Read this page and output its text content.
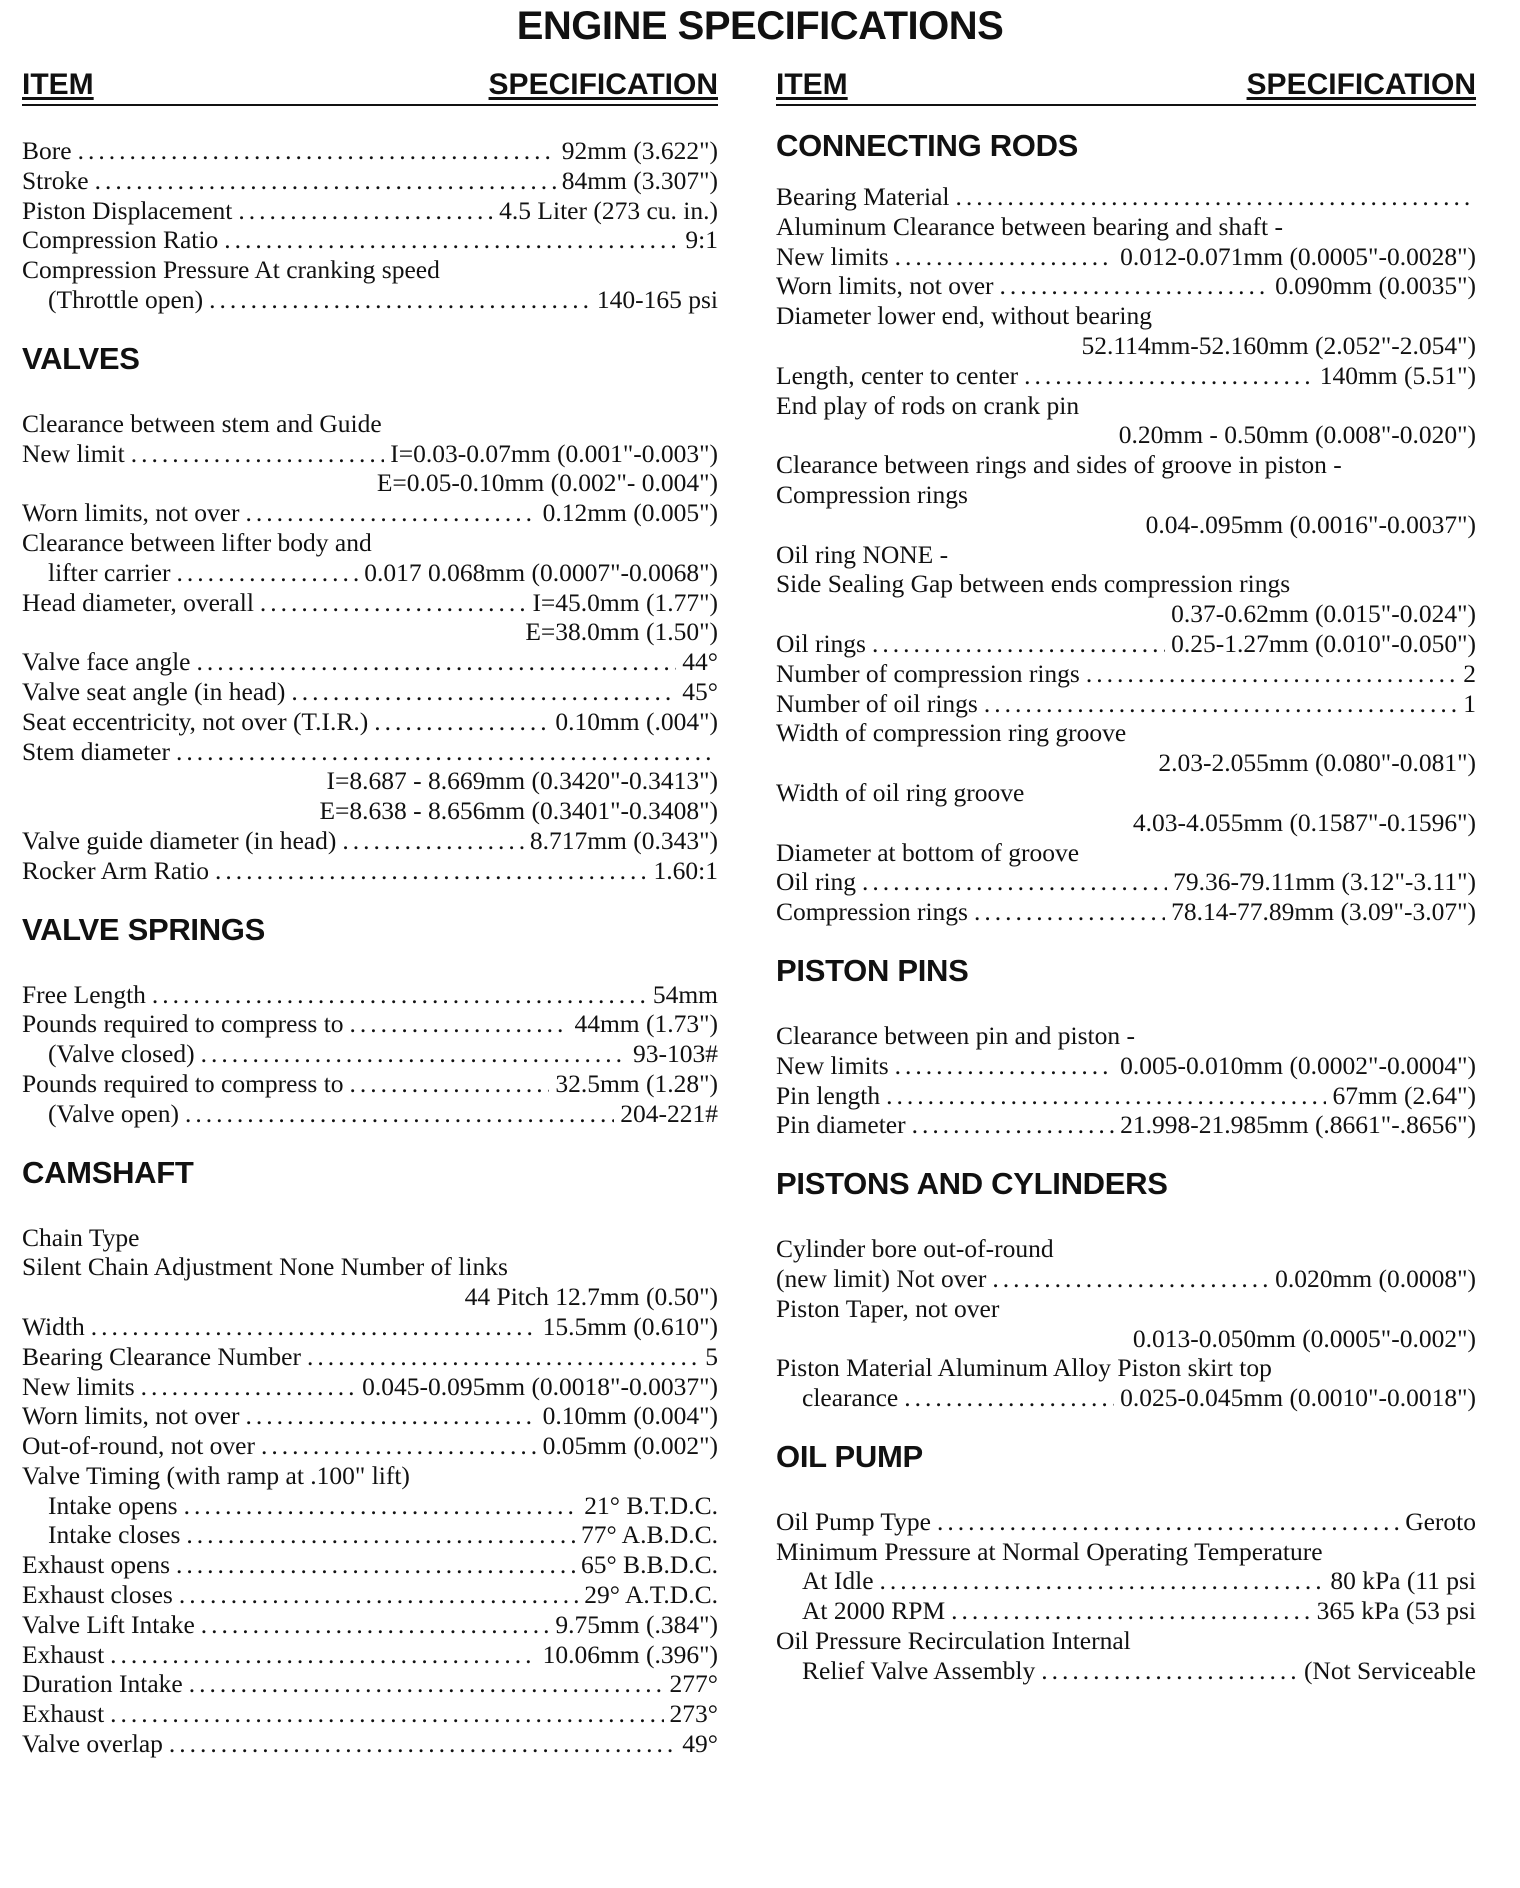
ENGINE SPECIFICATIONS
ITEM	SPECIFICATION
Bore .....	92mm (3.622")
Stroke .....	84mm (3.307")
Piston Displacement .....	4.5 Liter (273 cu. in.)
Compression Ratio .....	9:1
Compression Pressure At cranking speed
(Throttle open) .....	140-165 psi
VALVES
Clearance between stem and Guide
New limit .....	I=0.03-0.07mm (0.001"-0.003")
E=0.05-0.10mm (0.002"- 0.004")
Worn limits, not over .....	0.12mm (0.005")
Clearance between lifter body and
lifter carrier .....	0.017 0.068mm (0.0007"-0.0068")
Head diameter, overall .....	I=45.0mm (1.77")
E=38.0mm (1.50")
Valve face angle .....	44°
Valve seat angle (in head) .....	45°
Seat eccentricity, not over (T.I.R.) .....	0.10mm (.004")
Stem diameter
.....
I=8.687 - 8.669mm (0.3420"-0.3413")
E=8.638 - 8.656mm (0.3401"-0.3408")
Valve guide diameter (in head) .....	8.717mm (0.343")
Rocker Arm Ratio .....	1.60:1
VALVE SPRINGS
Free Length .....	54mm
Pounds required to compress to .....	44mm (1.73")
(Valve closed) .....	93-103#
Pounds required to compress to .....	32.5mm (1.28")
(Valve open) .....	204-221#
CAMSHAFT
Chain Type
Silent Chain Adjustment None Number of links
44 Pitch 12.7mm (0.50")
Width .....	15.5mm (0.610")
Bearing Clearance Number .....	5
New limits .....	0.045-0.095mm (0.0018"-0.0037")
Worn limits, not over .....	0.10mm (0.004")
Out-of-round, not over .....	0.05mm (0.002")
Valve Timing (with ramp at .100" lift)
Intake opens .....	21° B.T.D.C.
Intake closes .....	77° A.B.D.C.
Exhaust opens .....	65° B.B.D.C.
Exhaust closes .....	29° A.T.D.C.
Valve Lift Intake .....	9.75mm (.384")
Exhaust .....	10.06mm (.396")
Duration Intake .....	277°
Exhaust .....	273°
Valve overlap .....	49°
ITEM	SPECIFICATION
CONNECTING RODS
Bearing Material
.....
Aluminum Clearance between bearing and shaft -
New limits .....	0.012-0.071mm (0.0005"-0.0028")
Worn limits, not over .....	0.090mm (0.0035")
Diameter lower end, without bearing
52.114mm-52.160mm (2.052"-2.054")
Length, center to center .....	140mm (5.51")
End play of rods on crank pin
0.20mm - 0.50mm (0.008"-0.020")
Clearance between rings and sides of groove in piston -
Compression rings
0.04-.095mm (0.0016"-0.0037")
Oil ring NONE -
Side Sealing Gap between ends compression rings
0.37-0.62mm (0.015"-0.024")
Oil rings .....	0.25-1.27mm (0.010"-0.050")
Number of compression rings .....	2
Number of oil rings .....	1
Width of compression ring groove
2.03-2.055mm (0.080"-0.081")
Width of oil ring groove
4.03-4.055mm (0.1587"-0.1596")
Diameter at bottom of groove
Oil ring .....	79.36-79.11mm (3.12"-3.11")
Compression rings .....	78.14-77.89mm (3.09"-3.07")
PISTON PINS
Clearance between pin and piston -
New limits .....	0.005-0.010mm (0.0002"-0.0004")
Pin length .....	67mm (2.64")
Pin diameter .....	21.998-21.985mm (.8661"-.8656")
PISTONS AND CYLINDERS
Cylinder bore out-of-round
(new limit) Not over .....	0.020mm (0.0008")
Piston Taper, not over
0.013-0.050mm (0.0005"-0.002")
Piston Material Aluminum Alloy Piston skirt top
clearance .....	0.025-0.045mm (0.0010"-0.0018")
OIL PUMP
Oil Pump Type .....	Geroto
Minimum Pressure at Normal Operating Temperature
At Idle .....	80 kPa (11 psi
At 2000 RPM .....	365 kPa (53 psi
Oil Pressure Recirculation Internal
Relief Valve Assembly .....	(Not Serviceable
